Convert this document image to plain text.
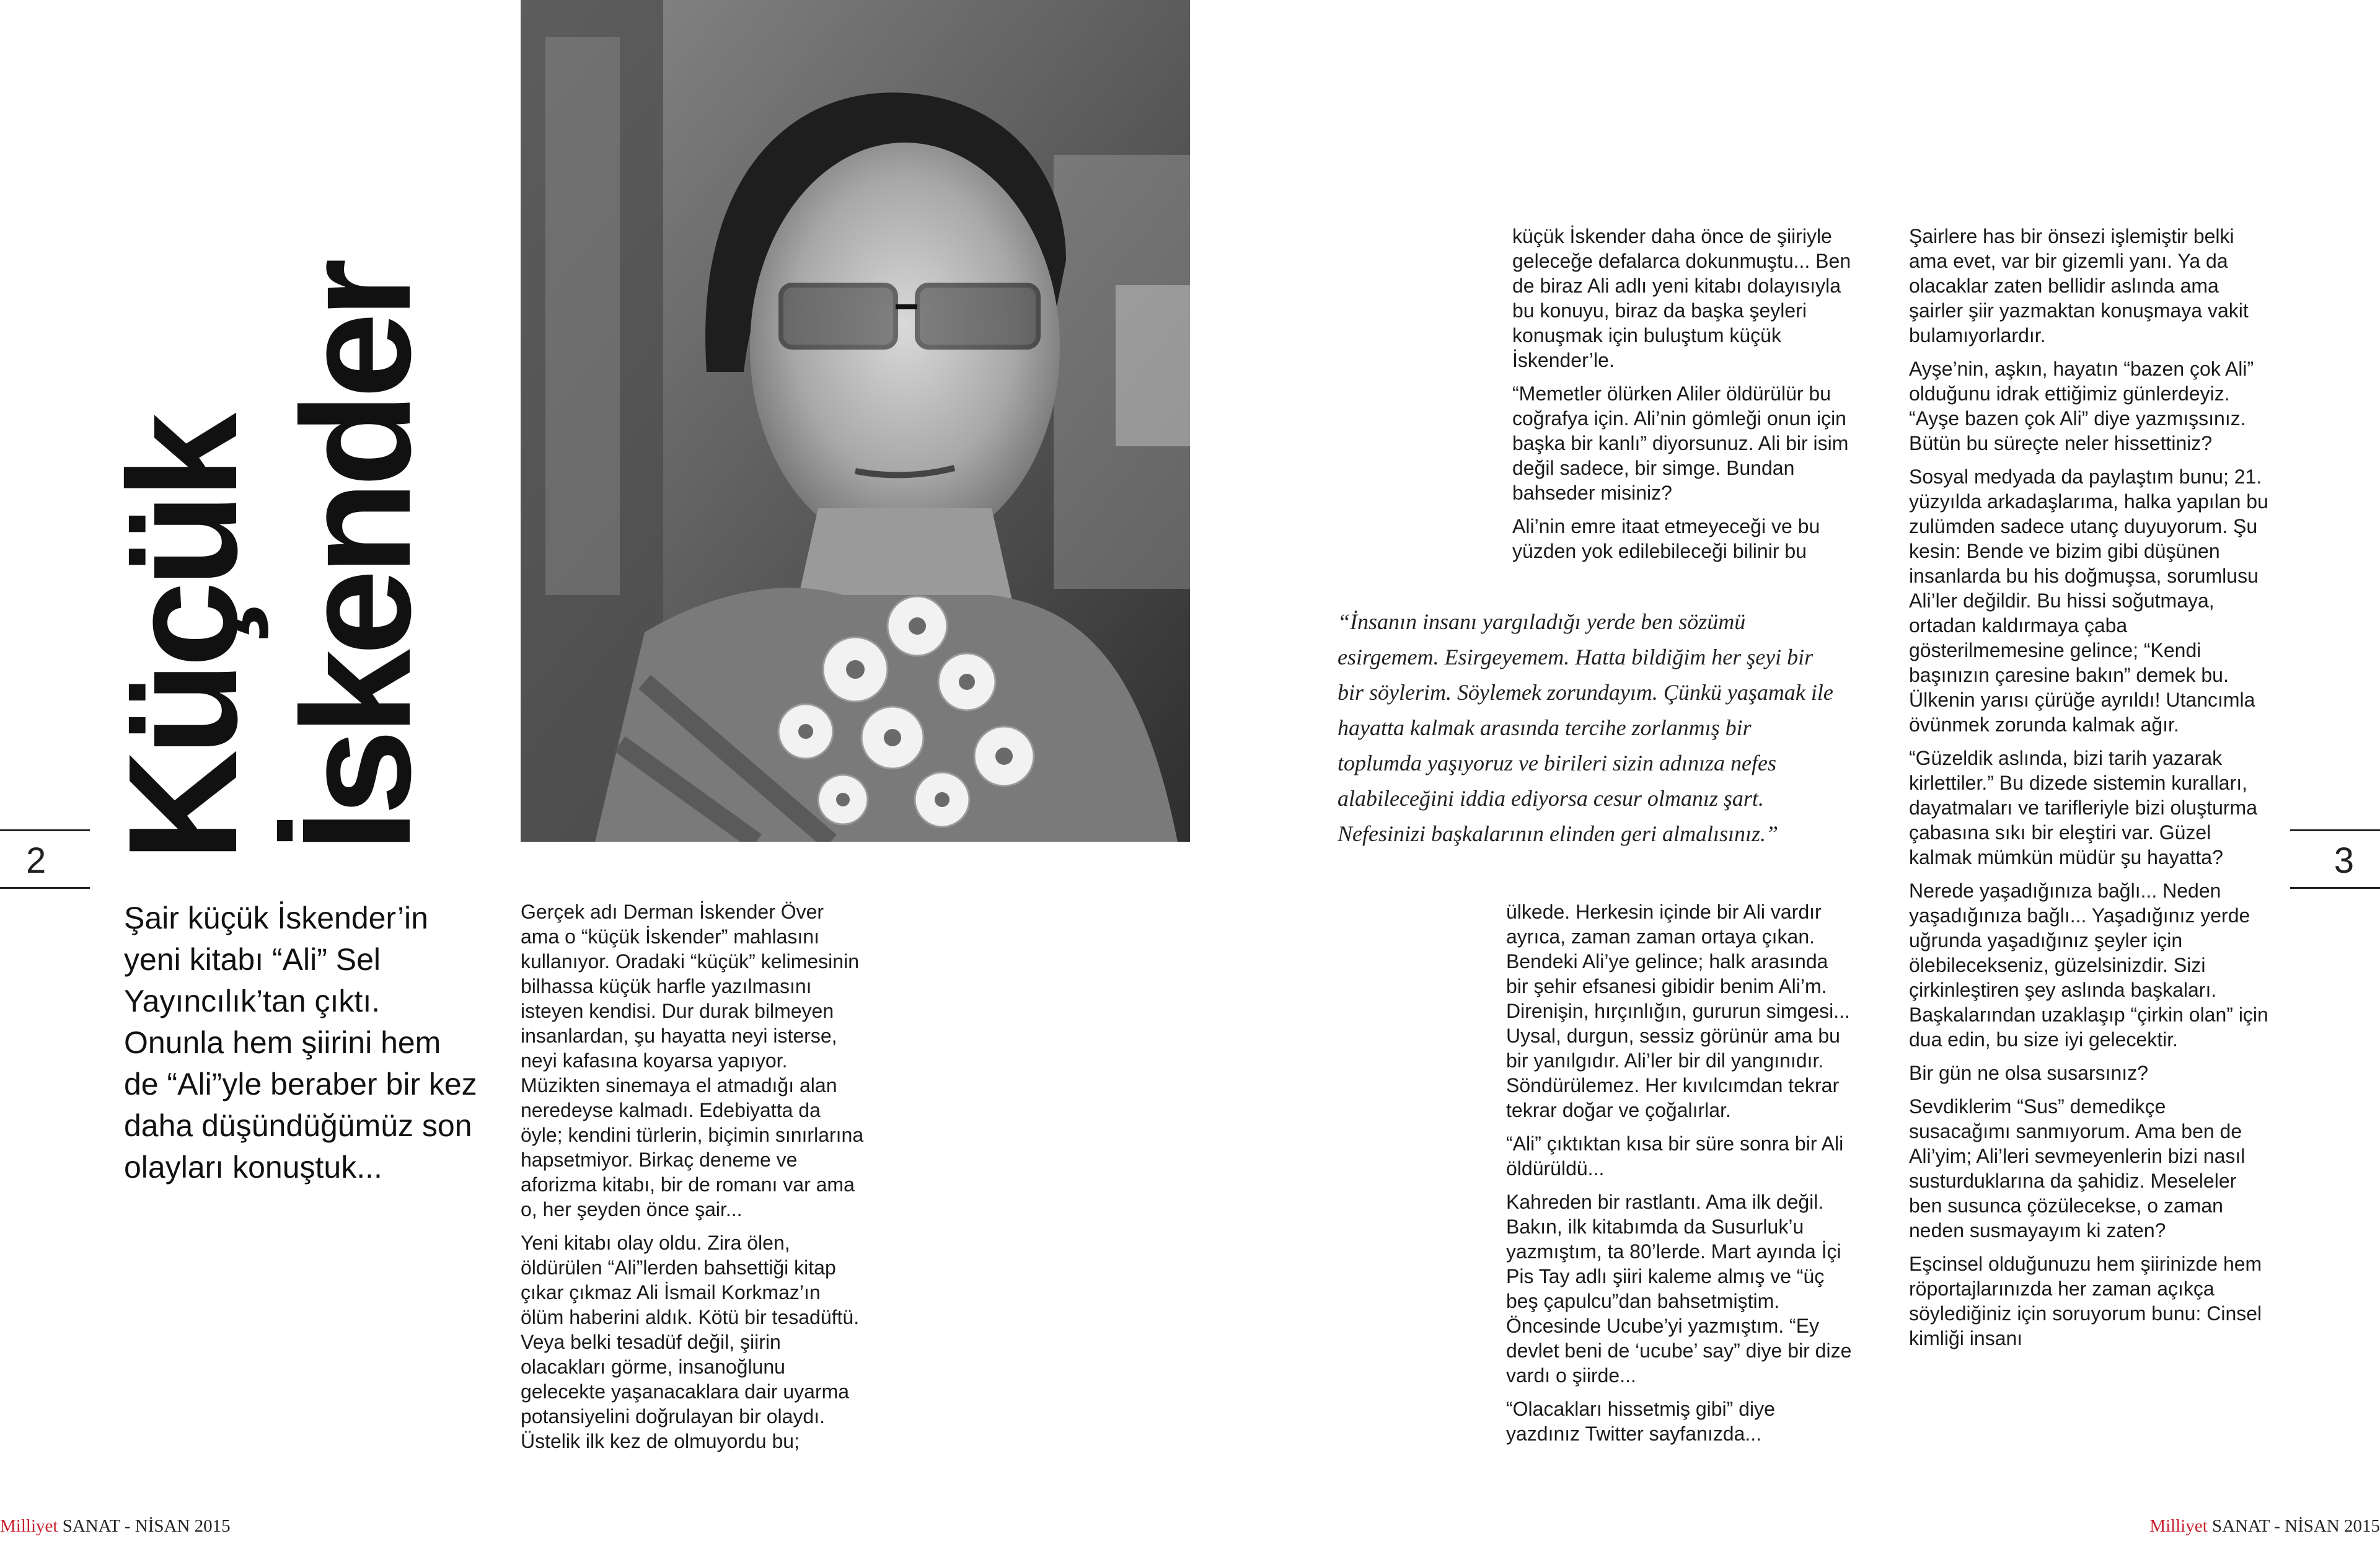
Küçük İskender
2
Şair küçük İskender’in yeni kitabı “Ali” Sel Yayıncılık’tan çıktı. Onunla hem şiirini hem de “Ali”yle beraber bir kez daha düşündüğümüz son olayları konuştuk...

Gerçek adı Derman İskender Över ama o “küçük İskender” mahlasını kullanıyor. Oradaki “küçük” kelimesinin bilhassa küçük harfle yazılmasını isteyen kendisi. Dur durak bilmeyen insanlardan, şu hayatta neyi isterse, neyi kafasına koyarsa yapıyor. Müzikten sinemaya el atmadığı alan neredeyse kalmadı. Edebiyatta da öyle; kendini türlerin, biçimin sınırlarına hapsetmiyor. Birkaç deneme ve aforizma kitabı, bir de romanı var ama o, her şeyden önce şair...

Yeni kitabı olay oldu. Zira ölen, öldürülen “Ali”lerden bahsettiği kitap çıkar çıkmaz Ali İsmail Korkmaz’ın ölüm haberini aldık. Kötü bir tesadüftü. Veya belki tesadüf değil, şiirin olacakları görme, insanoğlunu gelecekte yaşanacaklara dair uyarma potansiyelini doğrulayan bir olaydı. Üstelik ilk kez de olmuyordu bu;

Milliyet SANAT - NİSAN 2015

küçük İskender daha önce de şiiriyle geleceğe defalarca dokunmuştu... Ben de biraz Ali adlı yeni kitabı dolayısıyla bu konuyu, biraz da başka şeyleri konuşmak için buluştum küçük İskender’le.

“Memetler ölürken Aliler öldürülür bu coğrafya için. Ali’nin gömleği onun için başka bir kanlı” diyorsunuz. Ali bir isim değil sadece, bir simge. Bundan bahseder misiniz?

Ali’nin emre itaat etmeyeceği ve bu yüzden yok edilebileceği bilinir bu

“İnsanın insanı yargıladığı yerde ben sözümü esirgemem. Esirgeyemem. Hatta bildiğim her şeyi bir bir söylerim. Söylemek zorundayım. Çünkü yaşamak ile hayatta kalmak arasında tercihe zorlanmış bir toplumda yaşıyoruz ve birileri sizin adınıza nefes alabileceğini iddia ediyorsa cesur olmanız şart. Nefesinizi başkalarının elinden geri almalısınız.”

ülkede. Herkesin içinde bir Ali vardır ayrıca, zaman zaman ortaya çıkan. Bendeki Ali’ye gelince; halk arasında bir şehir efsanesi gibidir benim Ali’m. Direnişin, hırçınlığın, gururun simgesi... Uysal, durgun, sessiz görünür ama bu bir yanılgıdır. Ali’ler bir dil yangınıdır. Söndürülemez. Her kıvılcımdan tekrar tekrar doğar ve çoğalırlar.

“Ali” çıktıktan kısa bir süre sonra bir Ali öldürüldü...

Kahreden bir rastlantı. Ama ilk değil. Bakın, ilk kitabımda da Susurluk’u yazmıştım, ta 80’lerde. Mart ayında İçi Pis Tay adlı şiiri kaleme almış ve “üç beş çapulcu”dan bahsetmiştim. Öncesinde Ucube’yi yazmıştım. “Ey devlet beni de ‘ucube’ say” diye bir dize vardı o şiirde...

“Olacakları hissetmiş gibi” diye yazdınız Twitter sayfanızda...

Şairlere has bir önsezi işlemiştir belki ama evet, var bir gizemli yanı. Ya da olacaklar zaten bellidir aslında ama şairler şiir yazmaktan konuşmaya vakit bulamıyorlardır.

Ayşe’nin, aşkın, hayatın “bazen çok Ali” olduğunu idrak ettiğimiz günlerdeyiz. “Ayşe bazen çok Ali” diye yazmışsınız. Bütün bu süreçte neler hissettiniz?

Sosyal medyada da paylaştım bunu; 21. yüzyılda arkadaşlarıma, halka yapılan bu zulümden sadece utanç duyuyorum. Şu kesin: Bende ve bizim gibi düşünen insanlarda bu his doğmuşsa, sorumlusu Ali’ler değildir. Bu hissi soğutmaya, ortadan kaldırmaya çaba gösterilmemesine gelince; “Kendi başınızın çaresine bakın” demek bu. Ülkenin yarısı çürüğe ayrıldı! Utancımla övünmek zorunda kalmak ağır.

“Güzeldik aslında, bizi tarih yazarak kirlettiler.” Bu dizede sistemin kuralları, dayatmaları ve tarifleriyle bizi oluşturma çabasına sıkı bir eleştiri var. Güzel kalmak mümkün müdür şu hayatta?

Nerede yaşadığınıza bağlı... Neden yaşadığınıza bağlı... Yaşadığınız yerde uğrunda yaşadığınız şeyler için ölebilecekseniz, güzelsinizdir. Sizi çirkinleştiren şey aslında başkaları. Başkalarından uzaklaşıp “çirkin olan” için dua edin, bu size iyi gelecektir.

Bir gün ne olsa susarsınız?

Sevdiklerim “Sus” demedikçe susacağımı sanmıyorum. Ama ben de Ali’yim; Ali’leri sevmeyenlerin bizi nasıl susturduklarına da şahidiz. Meseleler ben susunca çözülecekse, o zaman neden susmayayım ki zaten?

Eşcinsel olduğunuzu hem şiirinizde hem röportajlarınızda her zaman açıkça söylediğiniz için soruyorum bunu: Cinsel kimliği insanı

3
Milliyet SANAT - NİSAN 2015
